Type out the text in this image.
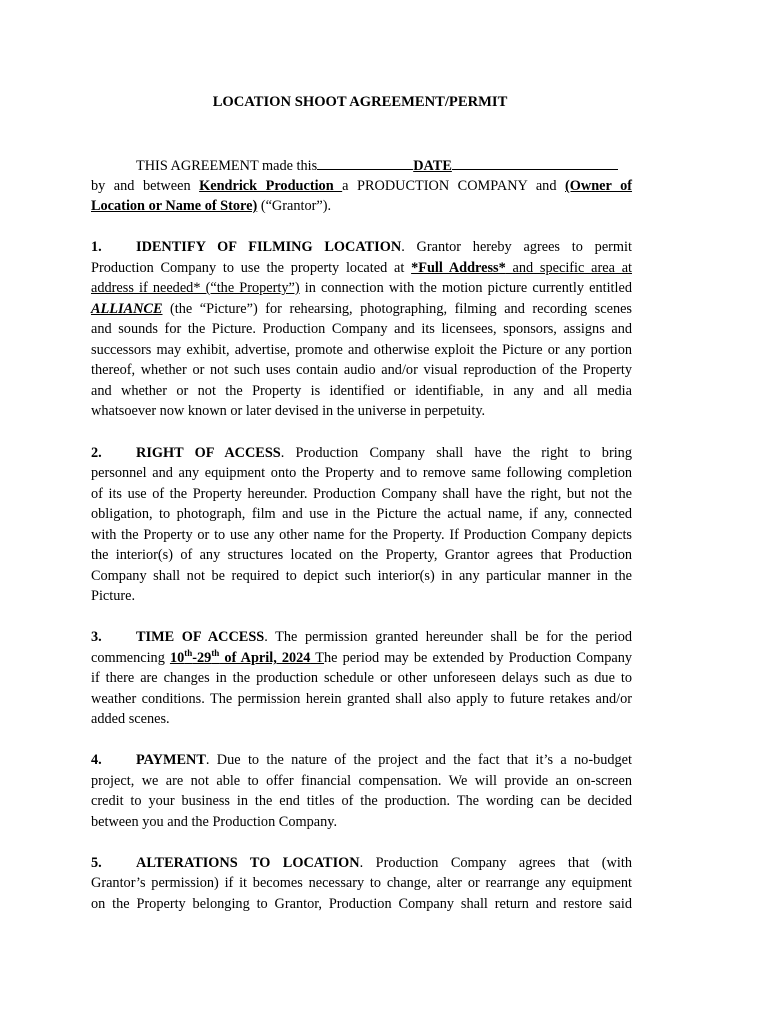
LOCATION SHOOT AGREEMENT/PERMIT
THIS AGREEMENT made this	DATE
by and between Kendrick Production a PRODUCTION COMPANY and (Owner of
Location or Name of Store) (“Grantor”).
1. IDENTIFY OF FILMING LOCATION. Grantor hereby agrees to permit
Production Company to use the property located at *Full Address* and specific area at
address if needed* (“the Property”) in connection with the motion picture currently entitled
ALLIANCE (the “Picture”) for rehearsing, photographing, filming and recording scenes
and sounds for the Picture. Production Company and its licensees, sponsors, assigns and
successors may exhibit, advertise, promote and otherwise exploit the Picture or any portion
thereof, whether or not such uses contain audio and/or visual reproduction of the Property
and whether or not the Property is identified or identifiable, in any and all media
whatsoever now known or later devised in the universe in perpetuity.
2. RIGHT OF ACCESS. Production Company shall have the right to bring
personnel and any equipment onto the Property and to remove same following completion
of its use of the Property hereunder. Production Company shall have the right, but not the
obligation, to photograph, film and use in the Picture the actual name, if any, connected
with the Property or to use any other name for the Property. If Production Company depicts
the interior(s) of any structures located on the Property, Grantor agrees that Production
Company shall not be required to depict such interior(s) in any particular manner in the
Picture.
3. TIME OF ACCESS. The permission granted hereunder shall be for the period
commencing 10th-29th of April, 2024 The period may be extended by Production Company
if there are changes in the production schedule or other unforeseen delays such as due to
weather conditions. The permission herein granted shall also apply to future retakes and/or
added scenes.
4. PAYMENT. Due to the nature of the project and the fact that it’s a no-budget
project, we are not able to offer financial compensation. We will provide an on-screen
credit to your business in the end titles of the production. The wording can be decided
between you and the Production Company.
5. ALTERATIONS TO LOCATION. Production Company agrees that (with
Grantor’s permission) if it becomes necessary to change, alter or rearrange any equipment
on the Property belonging to Grantor, Production Company shall return and restore said
